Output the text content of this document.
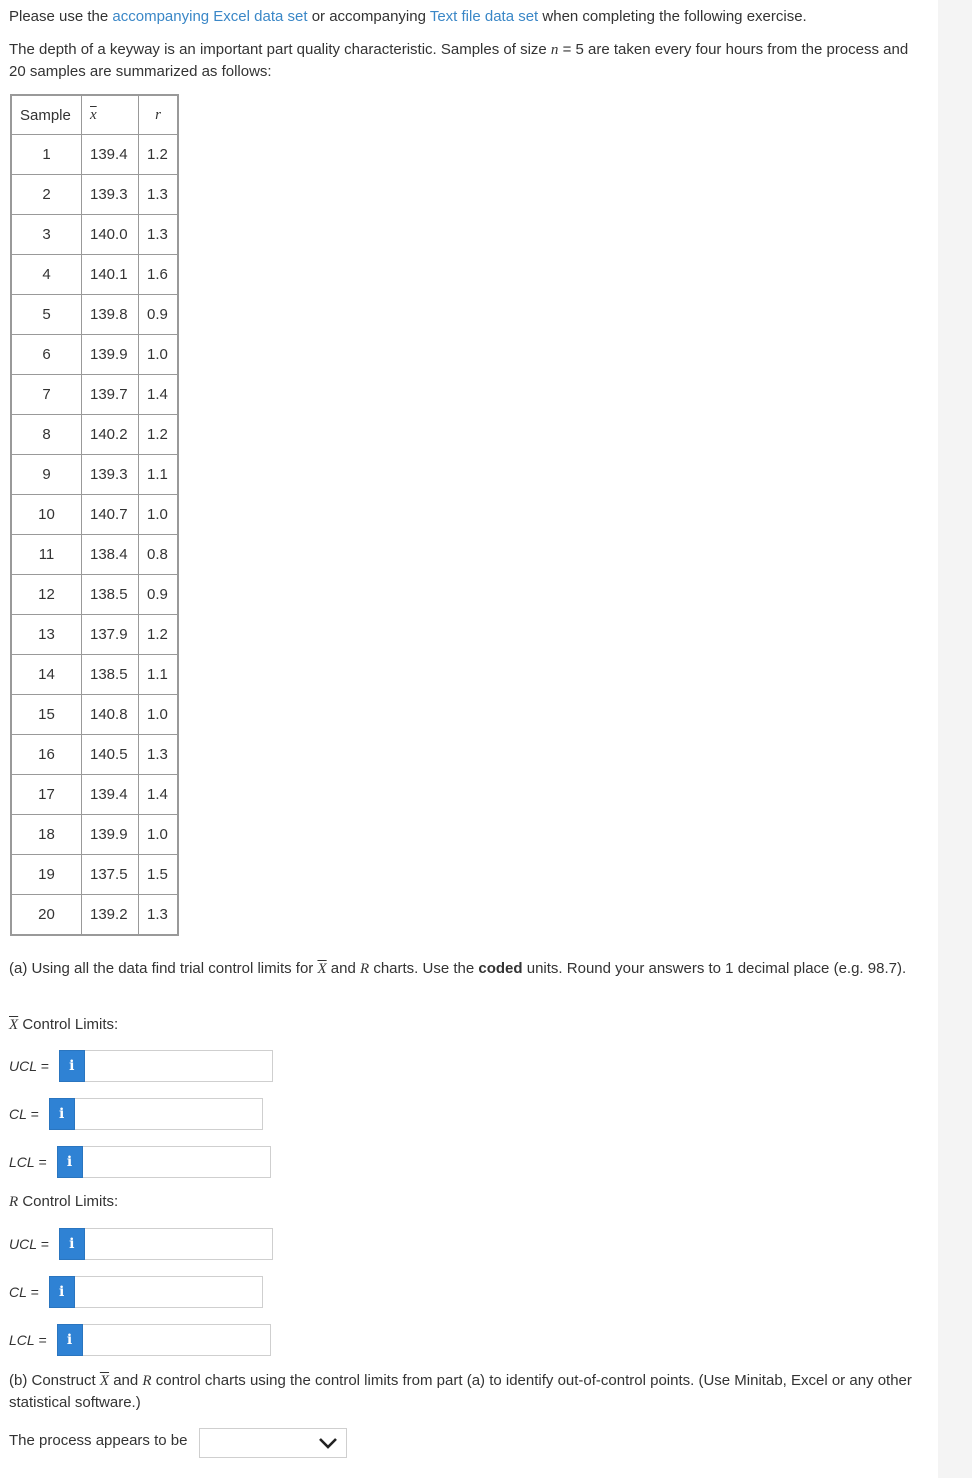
Please use the accompanying Excel data set or accompanying Text file data set when completing the following exercise.

The depth of a keyway is an important part quality characteristic. Samples of size n = 5 are taken every four hours from the process and 20 samples are summarized as follows:

Sample	$\overline{x}$	r
1	139.4	1.2
2	139.3	1.3
3	140.0	1.3
4	140.1	1.6
5	139.8	0.9
6	139.9	1.0
7	139.7	1.4
8	140.2	1.2
9	139.3	1.1
10	140.7	1.0
11	138.4	0.8
12	138.5	0.9
13	137.9	1.2
14	138.5	1.1
15	140.8	1.0
16	140.5	1.3
17	139.4	1.4
18	139.9	1.0
19	137.5	1.5
20	139.2	1.3

(a) Using all the data find trial control limits for $\overline{X}$ and R charts. Use the coded units. Round your answers to 1 decimal place (e.g. 98.7).

$\overline{X}$ Control Limits:

UCL =	i
CL =	i
LCL =	i

R Control Limits:

UCL =	i
CL =	i
LCL =	i

(b) Construct $\overline{X}$ and R control charts using the control limits from part (a) to identify out-of-control points. (Use Minitab, Excel or any other statistical software.)

The process appears to be
